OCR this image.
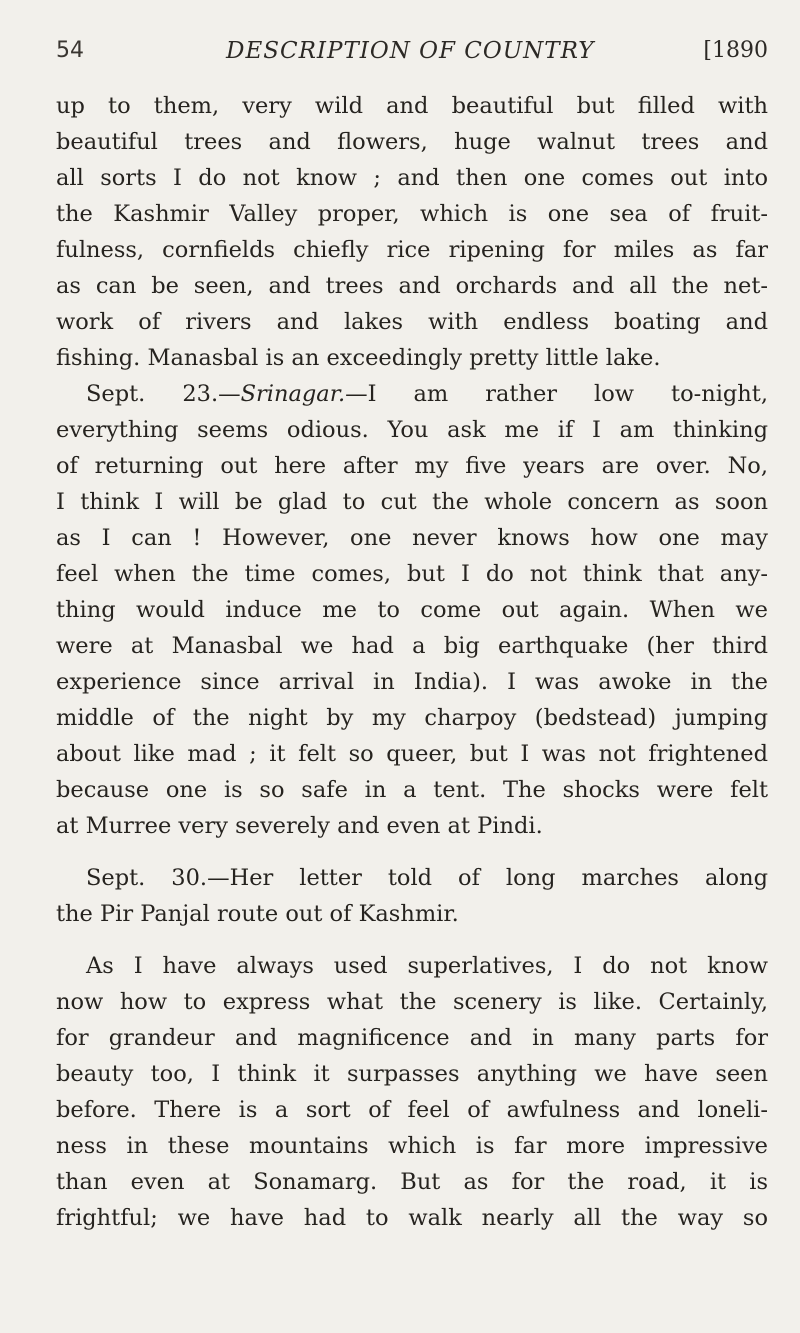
54	DESCRIPTION OF COUNTRY	[1890
up to them, very wild and beautiful but filled with
beautiful trees and flowers, huge walnut trees and
all sorts I do not know ; and then one comes out into
the Kashmir Valley proper, which is one sea of fruit-
fulness, cornfields chiefly rice ripening for miles as far
as can be seen, and trees and orchards and all the net-
work of rivers and lakes with endless boating and
fishing. Manasbal is an exceedingly pretty little lake.
Sept. 23.—Srinagar.—I am rather low to-night,
everything seems odious. You ask me if I am thinking
of returning out here after my five years are over. No,
I think I will be glad to cut the whole concern as soon
as I can ! However, one never knows how one may
feel when the time comes, but I do not think that any-
thing would induce me to come out again. When we
were at Manasbal we had a big earthquake (her third
experience since arrival in India). I was awoke in the
middle of the night by my charpoy (bedstead) jumping
about like mad ; it felt so queer, but I was not frightened
because one is so safe in a tent. The shocks were felt
at Murree very severely and even at Pindi.
Sept. 30.—Her letter told of long marches along
the Pir Panjal route out of Kashmir.
As I have always used superlatives, I do not know
now how to express what the scenery is like. Certainly,
for grandeur and magnificence and in many parts for
beauty too, I think it surpasses anything we have seen
before. There is a sort of feel of awfulness and loneli-
ness in these mountains which is far more impressive
than even at Sonamarg. But as for the road, it is
frightful; we have had to walk nearly all the way so
